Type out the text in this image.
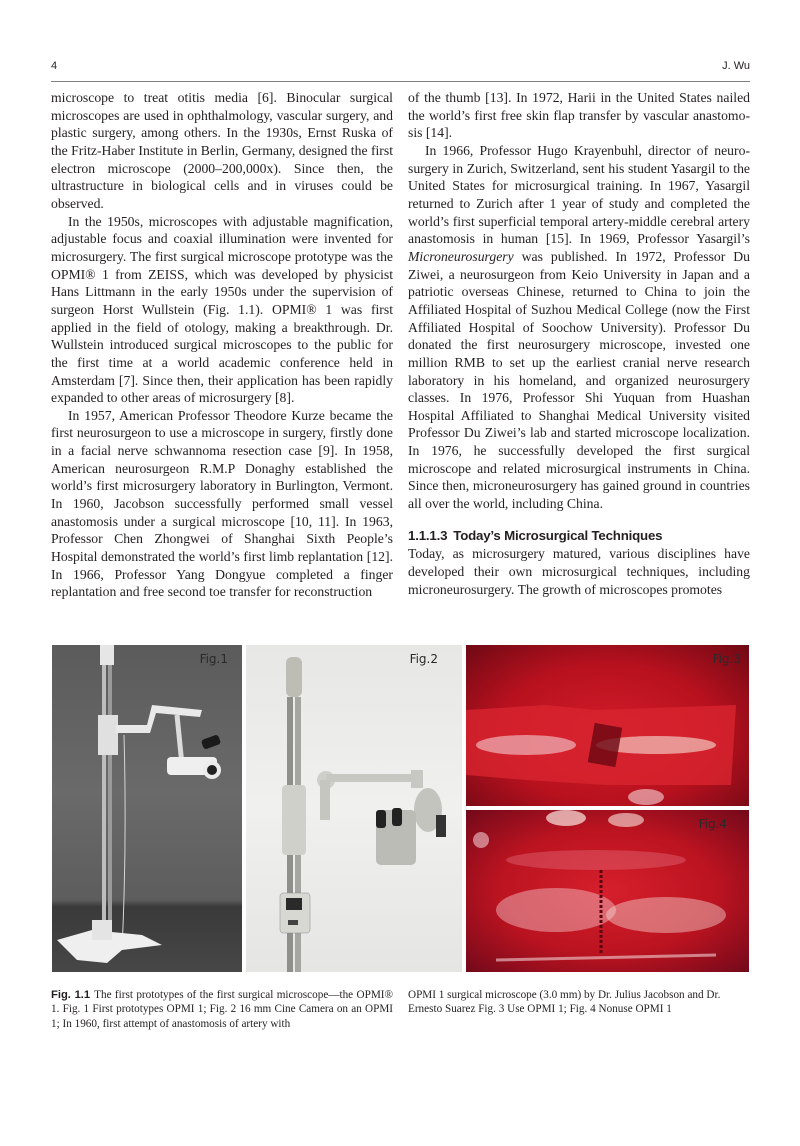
4	J. Wu

microscope to treat otitis media [6]. Binocular surgical microscopes are used in ophthalmology, vascular surgery, and plastic surgery, among others. In the 1930s, Ernst Ruska of the Fritz-Haber Institute in Berlin, Germany, designed the first electron microscope (2000–200,000x). Since then, the ultrastructure in biological cells and in viruses could be observed.

In the 1950s, microscopes with adjustable magnification, adjustable focus and coaxial illumination were invented for microsurgery. The first surgical microscope prototype was the OPMI® 1 from ZEISS, which was developed by physicist Hans Littmann in the early 1950s under the supervision of surgeon Horst Wullstein (Fig. 1.1). OPMI® 1 was first applied in the field of otology, making a breakthrough. Dr. Wullstein introduced surgical microscopes to the public for the first time at a world academic conference held in Amsterdam [7]. Since then, their application has been rapidly expanded to other areas of microsurgery [8].

In 1957, American Professor Theodore Kurze became the first neurosurgeon to use a microscope in surgery, firstly done in a facial nerve schwannoma resection case [9]. In 1958, American neurosurgeon R.M.P Donaghy established the world’s first microsurgery laboratory in Burlington, Vermont. In 1960, Jacobson successfully performed small vessel anastomosis under a surgical microscope [10, 11]. In 1963, Professor Chen Zhongwei of Shanghai Sixth People’s Hospital demonstrated the world’s first limb replantation [12]. In 1966, Professor Yang Dongyue completed a finger replantation and free second toe transfer for reconstruction

of the thumb [13]. In 1972, Harii in the United States nailed the world’s first free skin flap transfer by vascular anastomosis [14].

In 1966, Professor Hugo Krayenbuhl, director of neurosurgery in Zurich, Switzerland, sent his student Yasargil to the United States for microsurgical training. In 1967, Yasargil returned to Zurich after 1 year of study and completed the world’s first superficial temporal artery-middle cerebral artery anastomosis in human [15]. In 1969, Professor Yasargil’s Microneurosurgery was published. In 1972, Professor Du Ziwei, a neurosurgeon from Keio University in Japan and a patriotic overseas Chinese, returned to China to join the Affiliated Hospital of Suzhou Medical College (now the First Affiliated Hospital of Soochow University). Professor Du donated the first neurosurgery microscope, invested one million RMB to set up the earliest cranial nerve research laboratory in his homeland, and organized neurosurgery classes. In 1976, Professor Shi Yuquan from Huashan Hospital Affiliated to Shanghai Medical University visited Professor Du Ziwei’s lab and started microscope localization. In 1976, he successfully developed the first surgical microscope and related microsurgical instruments in China. Since then, microneurosurgery has gained ground in countries all over the world, including China.

1.1.1.3 Today’s Microsurgical Techniques

Today, as microsurgery matured, various disciplines have developed their own microsurgical techniques, including microneurosurgery. The growth of microscopes promotes

Fig.1	Fig.2	Fig.3
Fig.4
Fig. 1.1 The first prototypes of the first surgical microscope—the OPMI® 1. Fig. 1 First prototypes OPMI 1; Fig. 2 16 mm Cine Camera on an OPMI 1; In 1960, first attempt of anastomosis of artery with
OPMI 1 surgical microscope (3.0 mm) by Dr. Julius Jacobson and Dr. Ernesto Suarez Fig. 3 Use OPMI 1; Fig. 4 Nonuse OPMI 1
